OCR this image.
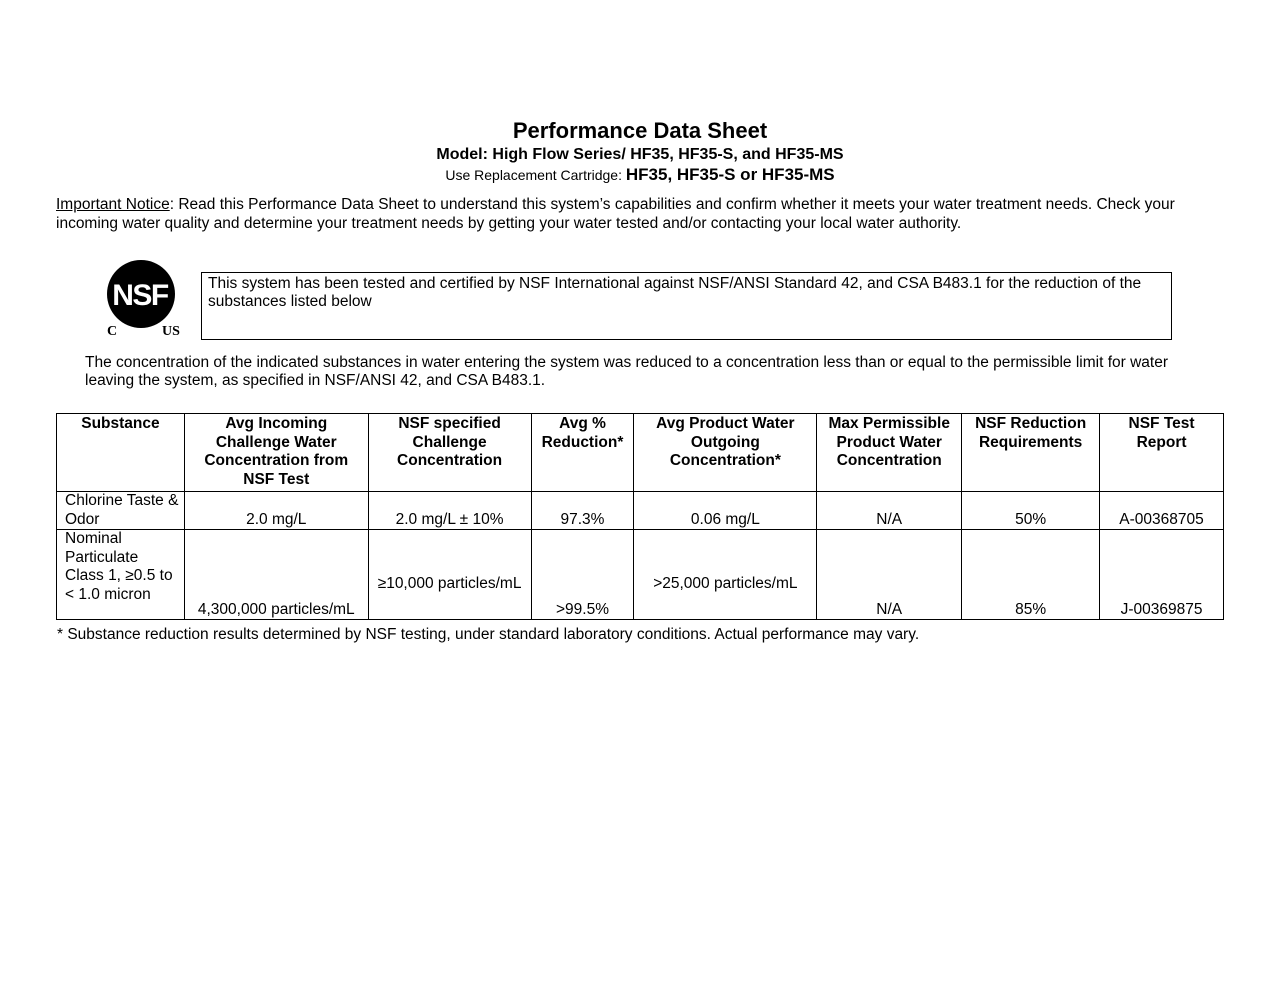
Performance Data Sheet
Model: High Flow Series/ HF35, HF35-S, and HF35-MS
Use Replacement Cartridge: HF35, HF35-S or HF35-MS
Important Notice: Read this Performance Data Sheet to understand this system’s capabilities and confirm whether it meets your water treatment needs. Check your incoming water quality and determine your treatment needs by getting your water tested and/or contacting your local water authority.
NSF
C	US
This system has been tested and certified by NSF International against NSF/ANSI Standard 42, and CSA B483.1 for the reduction of the substances listed below
The concentration of the indicated substances in water entering the system was reduced to a concentration less than or equal to the permissible limit for water leaving the system, as specified in NSF/ANSI 42, and CSA B483.1.
Substance	Avg Incoming Challenge Water Concentration from NSF Test	NSF specified Challenge Concentration	Avg % Reduction*	Avg Product Water Outgoing Concentration*	Max Permissible Product Water Concentration	NSF Reduction Requirements	NSF Test Report
Chlorine Taste & Odor	2.0 mg/L	2.0 mg/L ± 10%	97.3%	0.06 mg/L	N/A	50%	A-00368705
Nominal Particulate Class 1, ≥0.5 to < 1.0 micron	4,300,000 particles/mL	≥10,000 particles/mL	>99.5%	>25,000 particles/mL	N/A	85%	J-00369875
* Substance reduction results determined by NSF testing, under standard laboratory conditions. Actual performance may vary.
